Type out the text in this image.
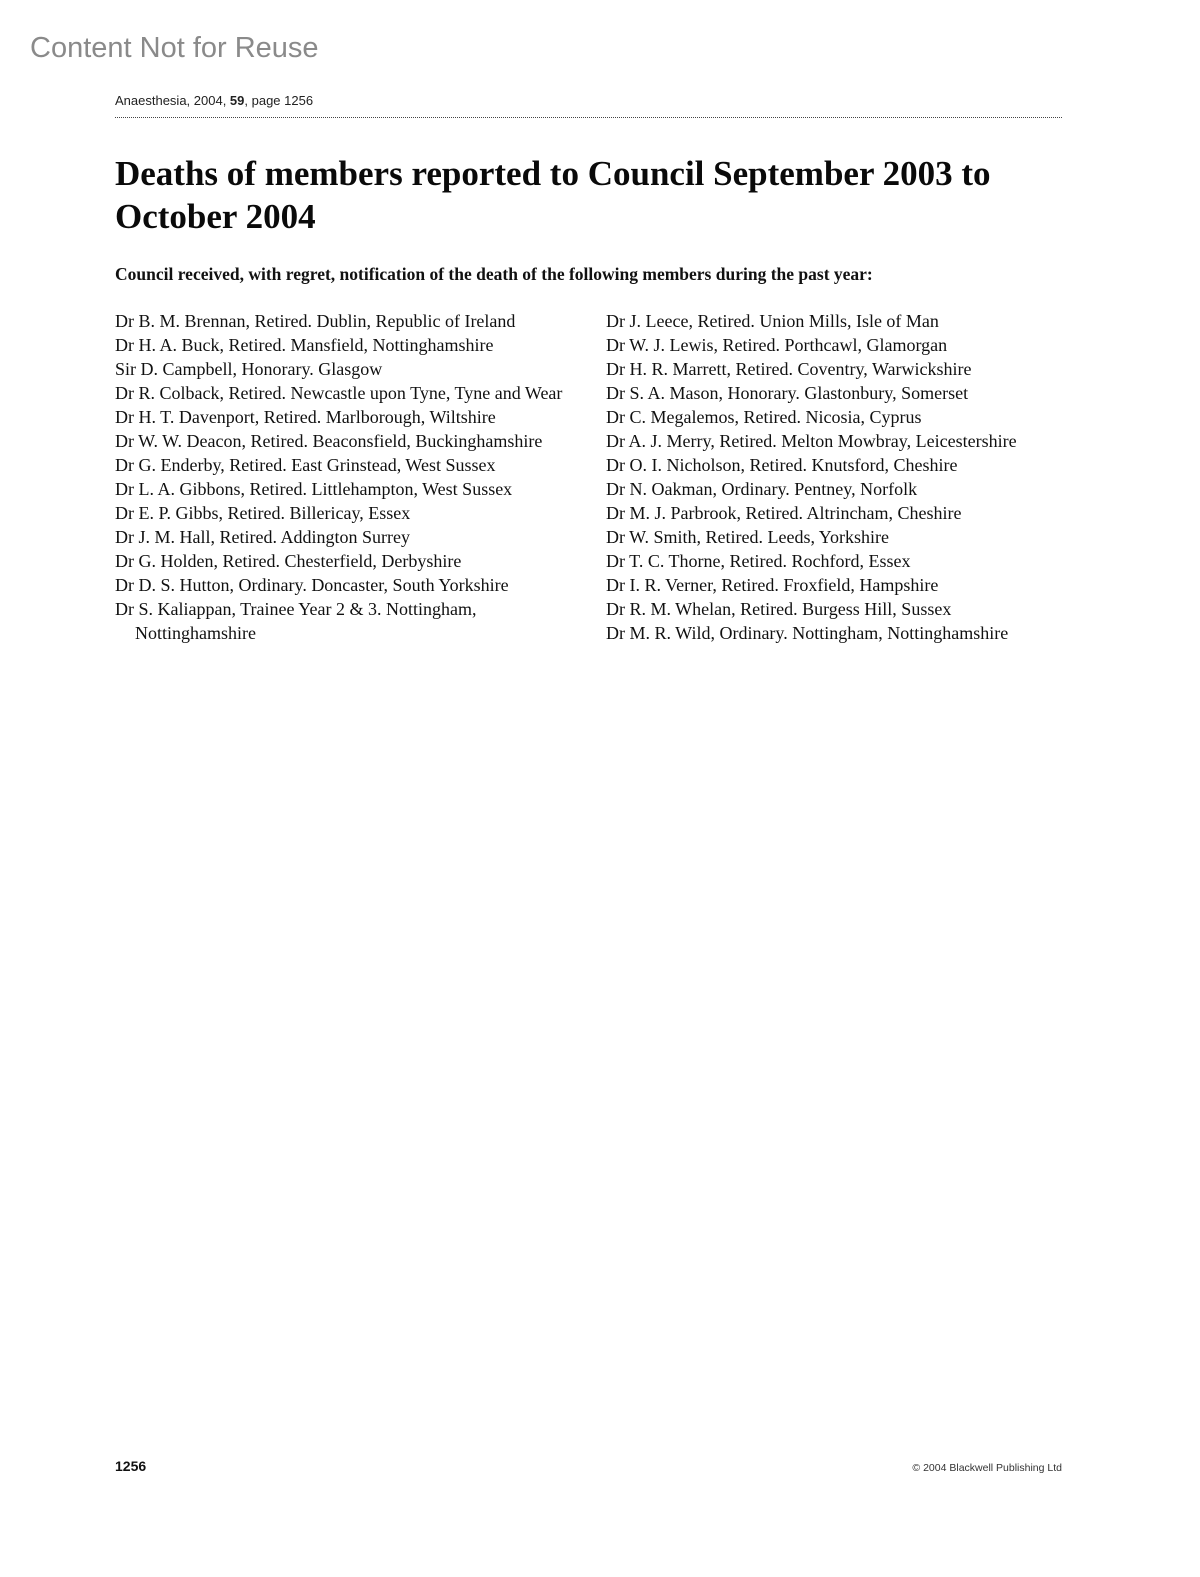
Content Not for Reuse
Anaesthesia, 2004, 59, page 1256
Deaths of members reported to Council September 2003 to October 2004

Council received, with regret, notification of the death of the following members during the past year:

Dr B. M. Brennan, Retired. Dublin, Republic of Ireland
Dr H. A. Buck, Retired. Mansfield, Nottinghamshire
Sir D. Campbell, Honorary. Glasgow
Dr R. Colback, Retired. Newcastle upon Tyne, Tyne and Wear
Dr H. T. Davenport, Retired. Marlborough, Wiltshire
Dr W. W. Deacon, Retired. Beaconsfield, Buckinghamshire
Dr G. Enderby, Retired. East Grinstead, West Sussex
Dr L. A. Gibbons, Retired. Littlehampton, West Sussex
Dr E. P. Gibbs, Retired. Billericay, Essex
Dr J. M. Hall, Retired. Addington Surrey
Dr G. Holden, Retired. Chesterfield, Derbyshire
Dr D. S. Hutton, Ordinary. Doncaster, South Yorkshire
Dr S. Kaliappan, Trainee Year 2 & 3. Nottingham, Nottinghamshire
Dr J. Leece, Retired. Union Mills, Isle of Man
Dr W. J. Lewis, Retired. Porthcawl, Glamorgan
Dr H. R. Marrett, Retired. Coventry, Warwickshire
Dr S. A. Mason, Honorary. Glastonbury, Somerset
Dr C. Megalemos, Retired. Nicosia, Cyprus
Dr A. J. Merry, Retired. Melton Mowbray, Leicestershire
Dr O. I. Nicholson, Retired. Knutsford, Cheshire
Dr N. Oakman, Ordinary. Pentney, Norfolk
Dr M. J. Parbrook, Retired. Altrincham, Cheshire
Dr W. Smith, Retired. Leeds, Yorkshire
Dr T. C. Thorne, Retired. Rochford, Essex
Dr I. R. Verner, Retired. Froxfield, Hampshire
Dr R. M. Whelan, Retired. Burgess Hill, Sussex
Dr M. R. Wild, Ordinary. Nottingham, Nottinghamshire
1256	© 2004 Blackwell Publishing Ltd
